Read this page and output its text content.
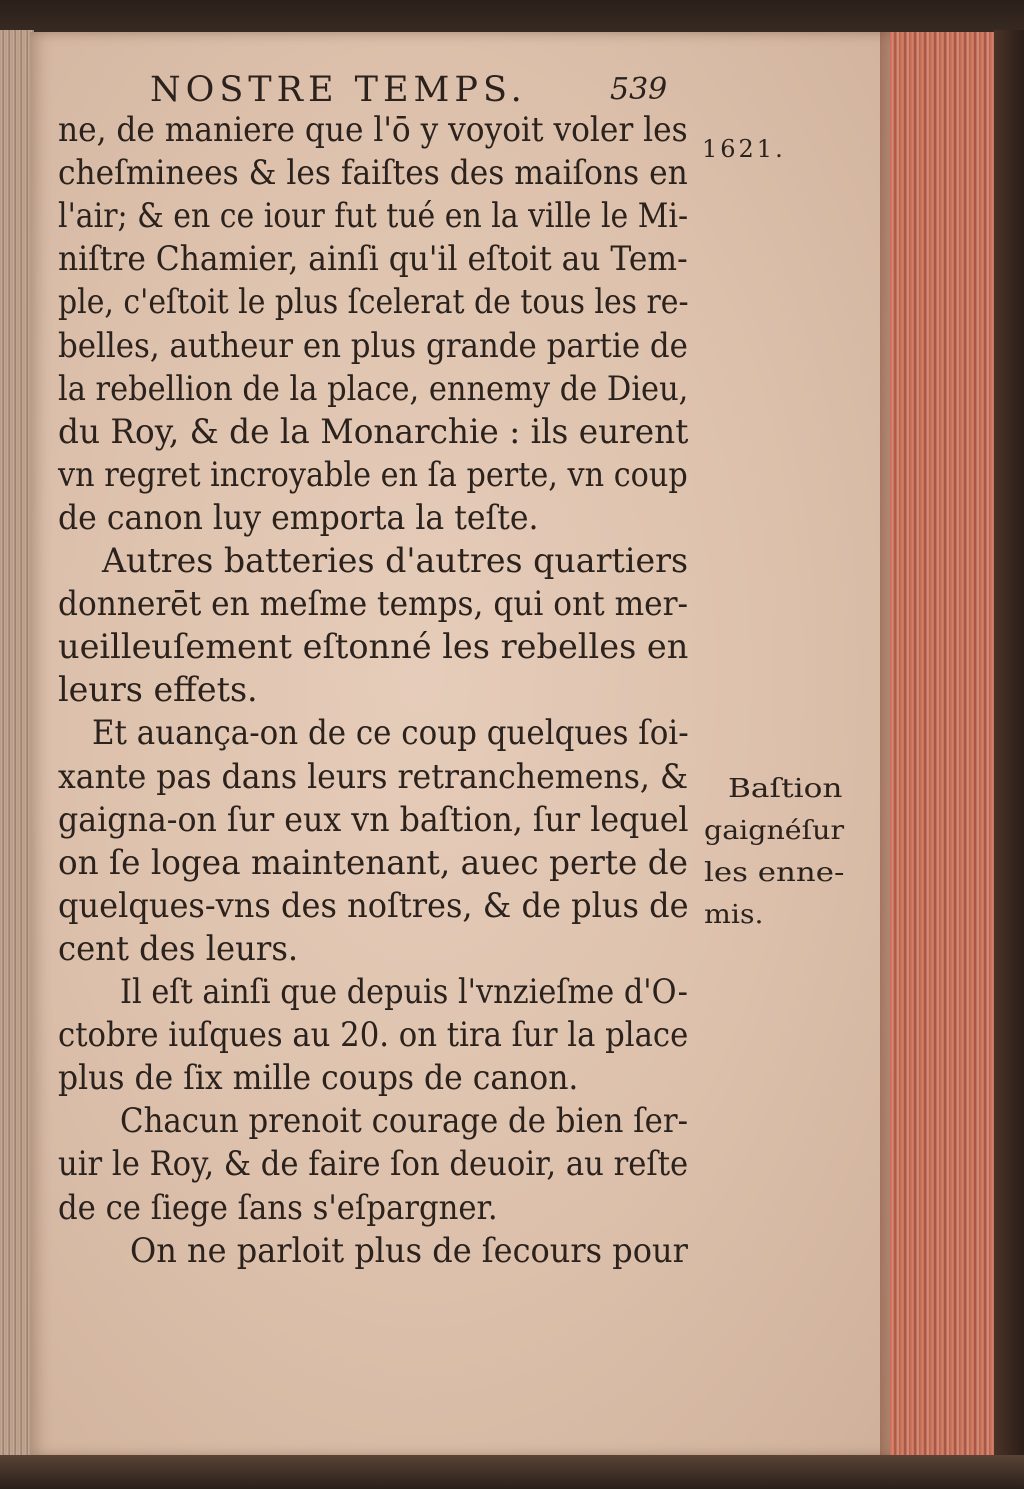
NOSTRE TEMPS.	539
1621.
ne, de maniere que l'ō y voyoit voler les
cheſminees & les faiſtes des maiſons en
l'air; & en ce iour fut tué en la ville le Mi-
niſtre Chamier, ainſi qu'il eſtoit au Tem-
ple, c'eſtoit le plus ſcelerat de tous les re-
belles, autheur en plus grande partie de
la rebellion de la place, ennemy de Dieu,
du Roy, & de la Monarchie : ils eurent
vn regret incroyable en ſa perte, vn coup
de canon luy emporta la teſte.
Autres batteries d'autres quartiers
donnerēt en meſme temps, qui ont mer-
ueilleuſement eſtonné les rebelles en
leurs effets.
Et auança-on de ce coup quelques ſoi-
xante pas dans leurs retranchemens, &
gaigna-on ſur eux vn baſtion, ſur lequel
on ſe logea maintenant, auec perte de
quelques-vns des noſtres, & de plus de
cent des leurs.
Il eſt ainſi que depuis l'vnzieſme d'O-
ctobre iuſques au 20. on tira ſur la place
plus de ſix mille coups de canon.
Chacun prenoit courage de bien ſer-
uir le Roy, & de faire ſon deuoir, au reſte
de ce ſiege ſans s'eſpargner.
On ne parloit plus de ſecours pour
Baſtion
gaignéſur
les enne-
mis.
